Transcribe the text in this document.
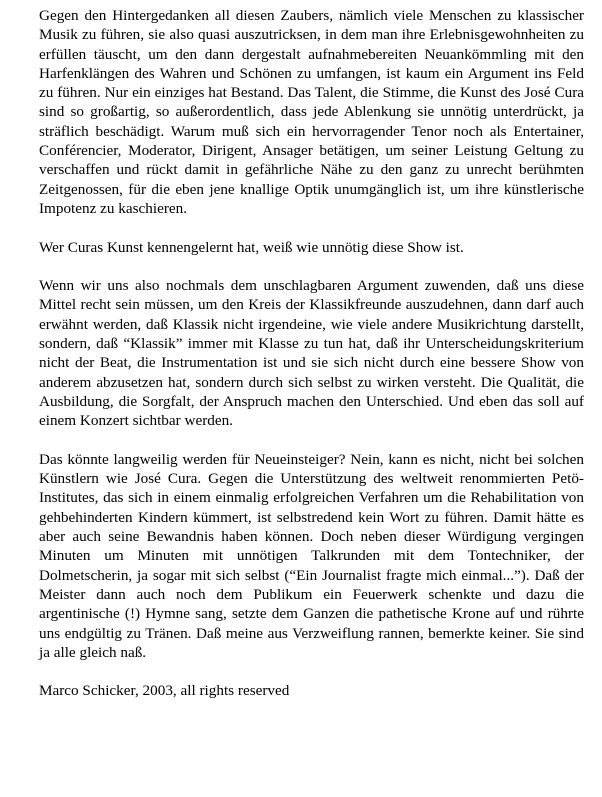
Gegen den Hintergedanken all diesen Zaubers, nämlich viele Menschen zu klassischer Musik zu führen, sie also quasi auszutricksen, in dem man ihre Erlebnisgewohnheiten zu erfüllen täuscht, um den dann dergestalt aufnahmebereiten Neuankömmling mit den Harfenklängen des Wahren und Schönen zu umfangen, ist kaum ein Argument ins Feld zu führen. Nur ein einziges hat Bestand. Das Talent, die Stimme, die Kunst des José Cura sind so großartig, so außerordentlich, dass jede Ablenkung sie unnötig unterdrückt, ja sträflich beschädigt. Warum muß sich ein hervorragender Tenor noch als Entertainer, Conférencier, Moderator, Dirigent, Ansager betätigen, um seiner Leistung Geltung zu verschaffen und rückt damit in gefährliche Nähe zu den ganz zu unrecht berühmten Zeitgenossen, für die eben jene knallige Optik unumgänglich ist, um ihre künstlerische Impotenz zu kaschieren.

Wer Curas Kunst kennengelernt hat, weiß wie unnötig diese Show ist.

Wenn wir uns also nochmals dem unschlagbaren Argument zuwenden, daß uns diese Mittel recht sein müssen, um den Kreis der Klassikfreunde auszudehnen, dann darf auch erwähnt werden, daß Klassik nicht irgendeine, wie viele andere Musikrichtung darstellt, sondern, daß “Klassik” immer mit Klasse zu tun hat, daß ihr Unterscheidungskriterium nicht der Beat, die Instrumentation ist und sie sich nicht durch eine bessere Show von anderem abzusetzen hat, sondern durch sich selbst zu wirken versteht. Die Qualität, die Ausbildung, die Sorgfalt, der Anspruch machen den Unterschied. Und eben das soll auf einem Konzert sichtbar werden.

Das könnte langweilig werden für Neueinsteiger? Nein, kann es nicht, nicht bei solchen Künstlern wie José Cura. Gegen die Unterstützung des weltweit renommierten Petö-Institutes, das sich in einem einmalig erfolgreichen Verfahren um die Rehabilitation von gehbehinderten Kindern kümmert, ist selbstredend kein Wort zu führen. Damit hätte es aber auch seine Bewandnis haben können. Doch neben dieser Würdigung vergingen Minuten um Minuten mit unnötigen Talkrunden mit dem Tontechniker, der Dolmetscherin, ja sogar mit sich selbst (“Ein Journalist fragte mich einmal...”). Daß der Meister dann auch noch dem Publikum ein Feuerwerk schenkte und dazu die argentinische (!) Hymne sang, setzte dem Ganzen die pathetische Krone auf und rührte uns endgültig zu Tränen. Daß meine aus Verzweiflung rannen, bemerkte keiner. Sie sind ja alle gleich naß.

Marco Schicker, 2003, all rights reserved
